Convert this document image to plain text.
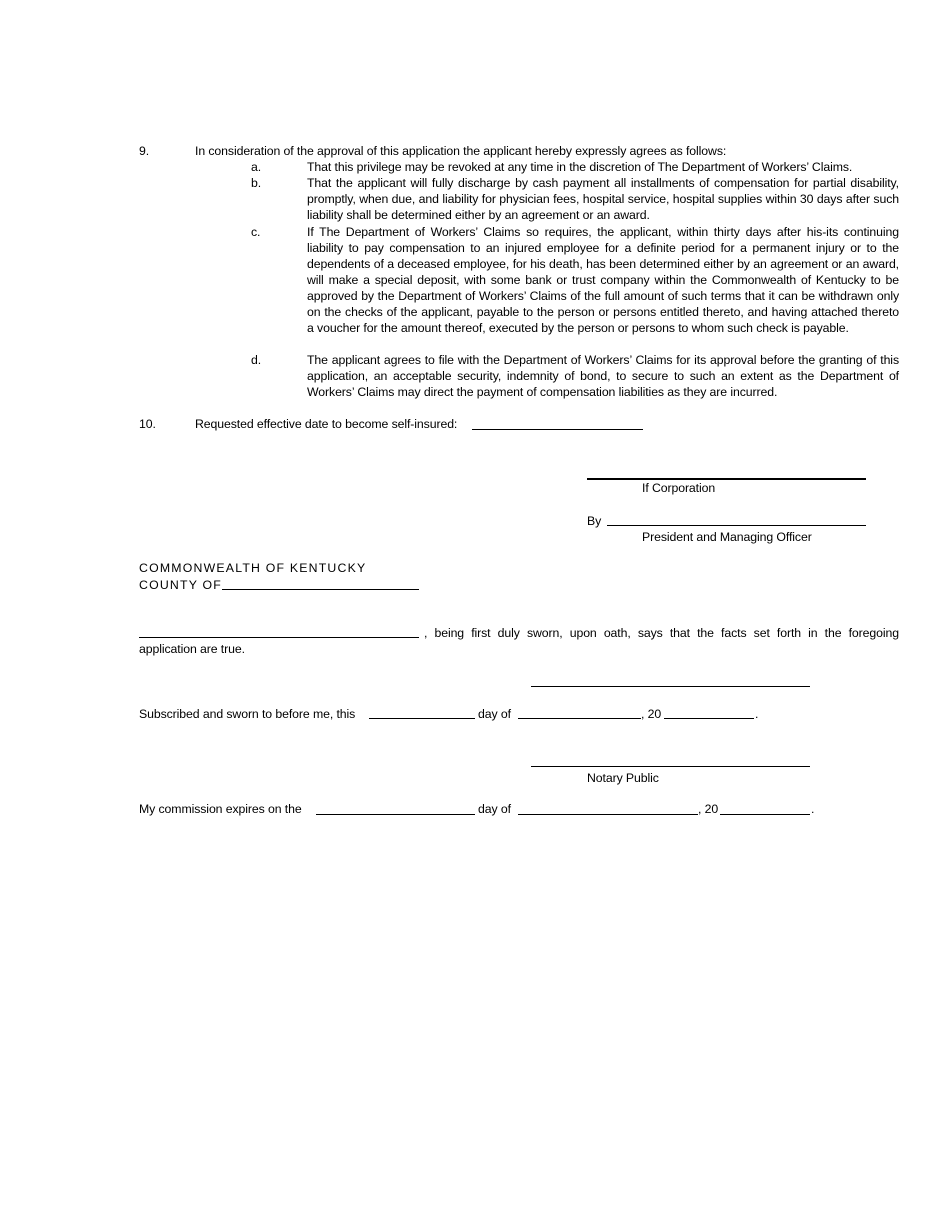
9.	In consideration of the approval of this application the applicant hereby expressly agrees as follows:
a.	That this privilege may be revoked at any time in the discretion of The Department of Workers’ Claims.
b.	That the applicant will fully discharge by cash payment all installments of compensation for partial disability, promptly, when due, and liability for physician fees, hospital service, hospital supplies within 30 days after such liability shall be determined either by an agreement or an award.
c.	If The Department of Workers’ Claims so requires, the applicant, within thirty days after his-its continuing liability to pay compensation to an injured employee for a definite period for a permanent injury or to the dependents of a deceased employee, for his death, has been determined either by an agreement or an award, will make a special deposit, with some bank or trust company within the Commonwealth of Kentucky to be approved by the Department of Workers’ Claims of the full amount of such terms that it can be withdrawn only on the checks of the applicant, payable to the person or persons entitled thereto, and having attached thereto a voucher for the amount thereof, executed by the person or persons to whom such check is payable.
d.	The applicant agrees to file with the Department of Workers’ Claims for its approval before the granting of this application, an acceptable security, indemnity of bond, to secure to such an extent as the Department of Workers’ Claims may direct the payment of compensation liabilities as they are incurred.
10.	Requested effective date to become self-insured:
If Corporation
By
President and Managing Officer
COMMONWEALTH OF KENTUCKY
COUNTY OF
, being first duly sworn, upon oath, says that the facts set forth in the foregoing
application are true.
Subscribed and sworn to before me, this	day of	, 20	.
Notary Public
My commission expires on the	day of	, 20	.
